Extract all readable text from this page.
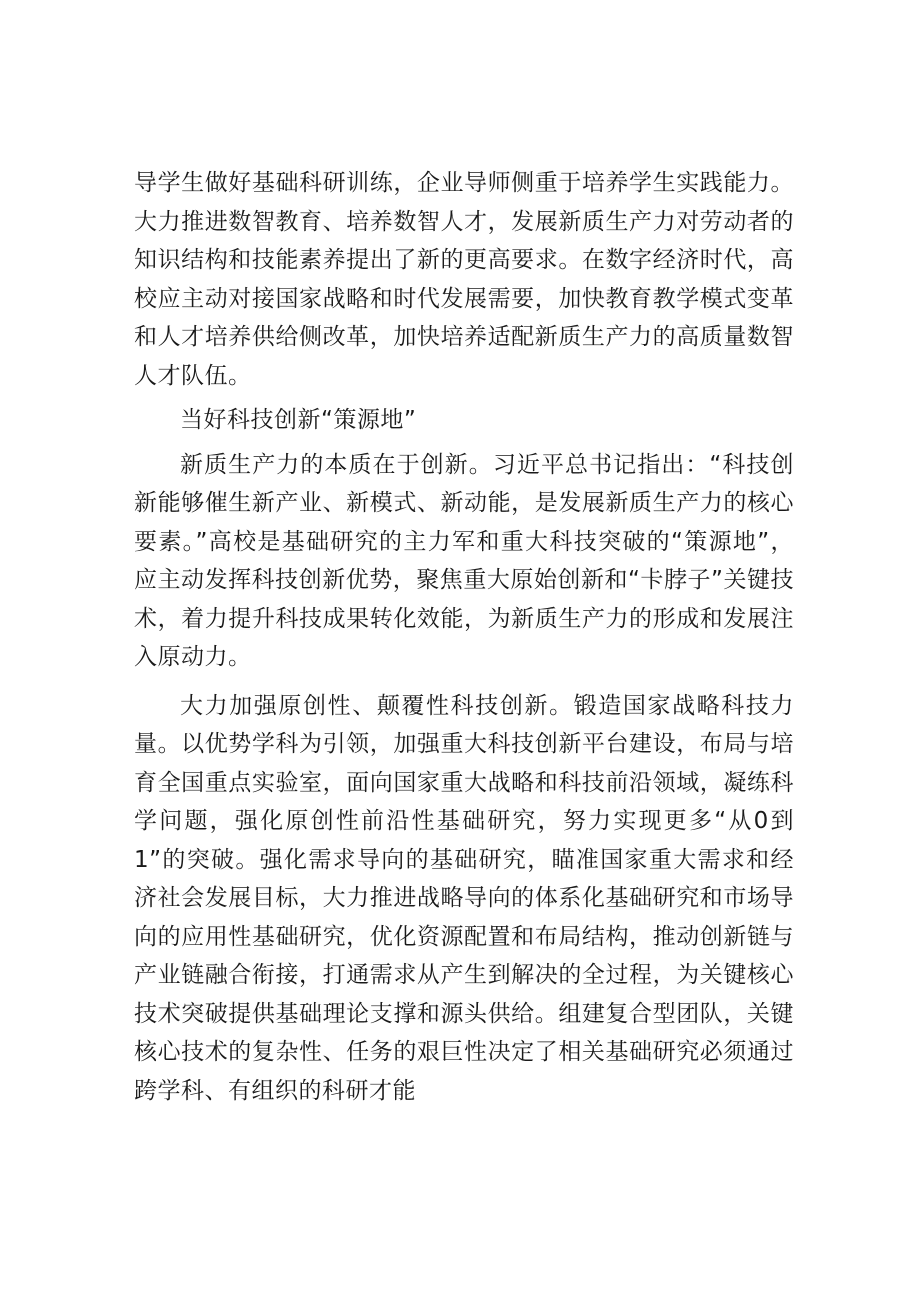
导学生做好基础科研训练，企业导师侧重于培养学生实践能力。大力推进数智教育、培养数智人才，发展新质生产力对劳动者的知识结构和技能素养提出了新的更高要求。在数字经济时代，高校应主动对接国家战略和时代发展需要，加快教育教学模式变革和人才培养供给侧改革，加快培养适配新质生产力的高质量数智人才队伍。

当好科技创新“策源地”

新质生产力的本质在于创新。习近平总书记指出：“科技创新能够催生新产业、新模式、新动能，是发展新质生产力的核心要素。”高校是基础研究的主力军和重大科技突破的“策源地”，应主动发挥科技创新优势，聚焦重大原始创新和“卡脖子”关键技术，着力提升科技成果转化效能，为新质生产力的形成和发展注入原动力。

大力加强原创性、颠覆性科技创新。锻造国家战略科技力量。以优势学科为引领，加强重大科技创新平台建设，布局与培育全国重点实验室，面向国家重大战略和科技前沿领域，凝练科学问题，强化原创性前沿性基础研究，努力实现更多“从0到1”的突破。强化需求导向的基础研究，瞄准国家重大需求和经济社会发展目标，大力推进战略导向的体系化基础研究和市场导向的应用性基础研究，优化资源配置和布局结构，推动创新链与产业链融合衔接，打通需求从产生到解决的全过程，为关键核心技术突破提供基础理论支撑和源头供给。组建复合型团队，关键核心技术的复杂性、任务的艰巨性决定了相关基础研究必须通过跨学科、有组织的科研才能
